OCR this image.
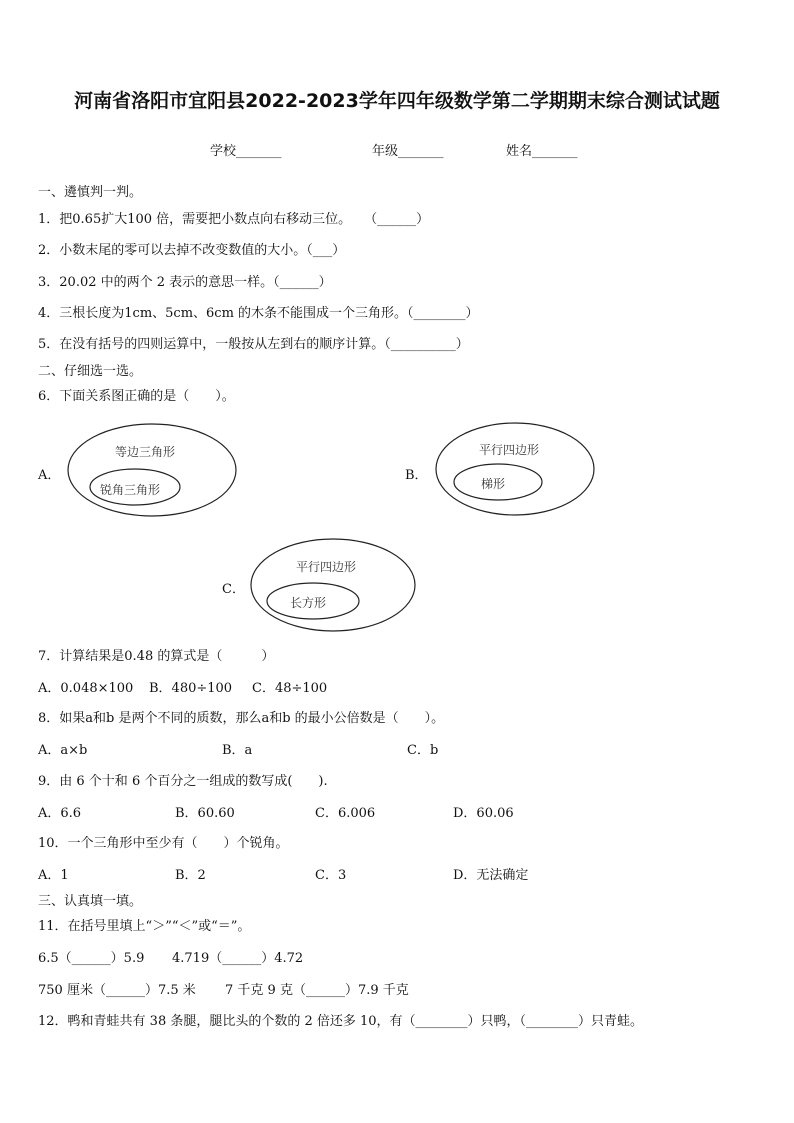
河南省洛阳市宜阳县2022-2023学年四年级数学第二学期期末综合测试试题
学校_______	年级_______	姓名_______
一、遴慎判一判。
1．把0.65扩大100 倍，需要把小数点向右移动三位。　　（______）
2．小数末尾的零可以去掉不改变数值的大小。（___）
3．20.02 中的两个 2 表示的意思一样。（______）
4．三根长度为1cm、5cm、6cm 的木条不能围成一个三角形。（________）
5．在没有括号的四则运算中，一般按从左到右的顺序计算。（__________）
二、仔细选一选。
6．下面关系图正确的是（　　）。
A．
等边三角形
锐角三角形
B．
平行四边形
梯形
C．
平行四边形
长方形
7．计算结果是0.48 的算式是（　　　）
A．0.048×100 B．480÷100 C．48÷100
8．如果a和b 是两个不同的质数，那么a和b 的最小公倍数是（　　）。
A．a×b	B．a	C．b
9．由 6 个十和 6 个百分之一组成的数写成(　　).
A．6.6	B．60.60	C．6.006	D．60.06
10．一个三角形中至少有（　　）个锐角。
A．1	B．2	C．3	D．无法确定
三、认真填一填。
11．在括号里填上“＞”“＜”或“＝”。
6.5（______）5.9 4.719（______）4.72
750 厘米（______）7.5 米 7 千克 9 克（______）7.9 千克
12．鸭和青蛙共有 38 条腿，腿比头的个数的 2 倍还多 10，有（________）只鸭，（________）只青蛙。
